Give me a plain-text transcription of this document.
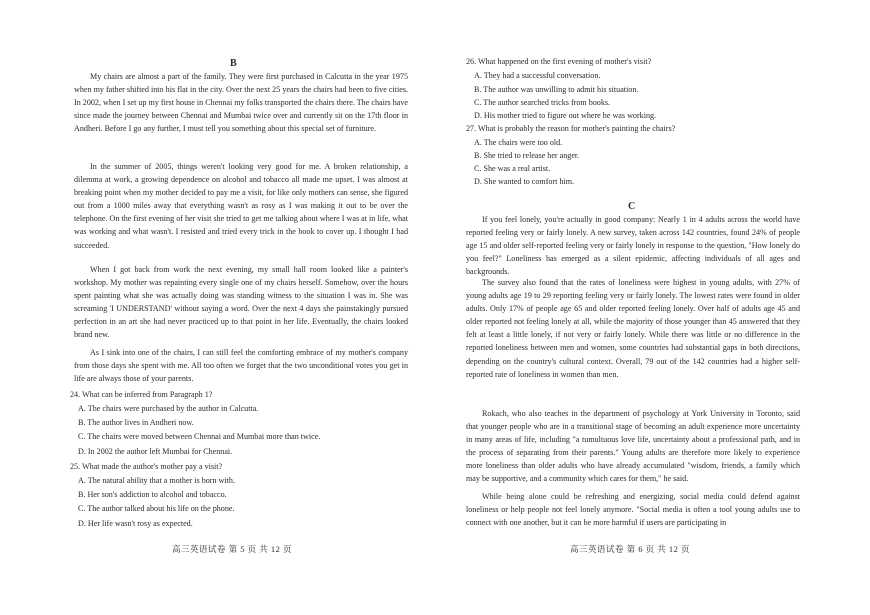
B

My chairs are almost a part of the family. They were first purchased in Calcutta in the year 1975 when my father shifted into his flat in the city. Over the next 25 years the chairs had been to five cities. In 2002, when I set up my first house in Chennai my folks transported the chairs there. The chairs have since made the journey between Chennai and Mumbai twice over and currently sit on the 17th floor in Andheri. Before I go any further, I must tell you something about this special set of furniture.

In the summer of 2005, things weren't looking very good for me. A broken relationship, a dilemma at work, a growing dependence on alcohol and tobacco all made me upset. I was almost at breaking point when my mother decided to pay me a visit, for like only mothers can sense, she figured out from a 1000 miles away that everything wasn't as rosy as I was making it out to be over the telephone. On the first evening of her visit she tried to get me talking about where I was at in life, what was working and what wasn't. I resisted and tried every trick in the book to cover up. I thought I had succeeded.

When I got back from work the next evening, my small hall room looked like a painter's workshop. My mother was repainting every single one of my chairs herself. Somehow, over the hours spent painting what she was actually doing was standing witness to the situation I was in. She was screaming 'I UNDERSTAND' without saying a word. Over the next 4 days she painstakingly pursued perfection in an art she had never practiced up to that point in her life. Eventually, the chairs looked brand new.

As I sink into one of the chairs, I can still feel the comforting embrace of my mother's company from those days she spent with me. All too often we forget that the two unconditional votes you get in life are always those of your parents.

24. What can be inferred from Paragraph 1?

A. The chairs were purchased by the author in Calcutta.

B. The author lives in Andheri now.

C. The chairs were moved between Chennai and Mumbai more than twice.

D. In 2002 the author left Mumbai for Chennai.

25. What made the author's mother pay a visit?

A. The natural ability that a mother is born with.

B. Her son's addiction to alcohol and tobacco.

C. The author talked about his life on the phone.

D. Her life wasn't rosy as expected.

高三英语试卷 第 5 页 共 12 页

26. What happened on the first evening of mother's visit?

A. They had a successful conversation.

B. The author was unwilling to admit his situation.

C. The author searched tricks from books.

D. His mother tried to figure out where he was working.

27. What is probably the reason for mother's painting the chairs?

A. The chairs were too old.

B. She tried to release her anger.

C. She was a real artist.

D. She wanted to comfort him.

C

If you feel lonely, you're actually in good company: Nearly 1 in 4 adults across the world have reported feeling very or fairly lonely. A new survey, taken across 142 countries, found 24% of people age 15 and older self-reported feeling very or fairly lonely in response to the question, "How lonely do you feel?" Loneliness has emerged as a silent epidemic, affecting individuals of all ages and backgrounds.

The survey also found that the rates of loneliness were highest in young adults, with 27% of young adults age 19 to 29 reporting feeling very or fairly lonely. The lowest rates were found in older adults. Only 17% of people age 65 and older reported feeling lonely. Over half of adults age 45 and older reported not feeling lonely at all, while the majority of those younger than 45 answered that they felt at least a little lonely, if not very or fairly lonely. While there was little or no difference in the reported loneliness between men and women, some countries had substantial gaps in both directions, depending on the country's cultural context. Overall, 79 out of the 142 countries had a higher self-reported rate of loneliness in women than men.

Rokach, who also teaches in the department of psychology at York University in Toronto, said that younger people who are in a transitional stage of becoming an adult experience more uncertainty in many areas of life, including "a tumultuous love life, uncertainty about a professional path, and in the process of separating from their parents." Young adults are therefore more likely to experience more loneliness than older adults who have already accumulated "wisdom, friends, a family which may be supportive, and a community which cares for them," he said.

While being alone could be refreshing and energizing, social media could defend against loneliness or help people not feel lonely anymore. "Social media is often a tool young adults use to connect with one another, but it can be more harmful if users are participating in

高三英语试卷 第 6 页 共 12 页
